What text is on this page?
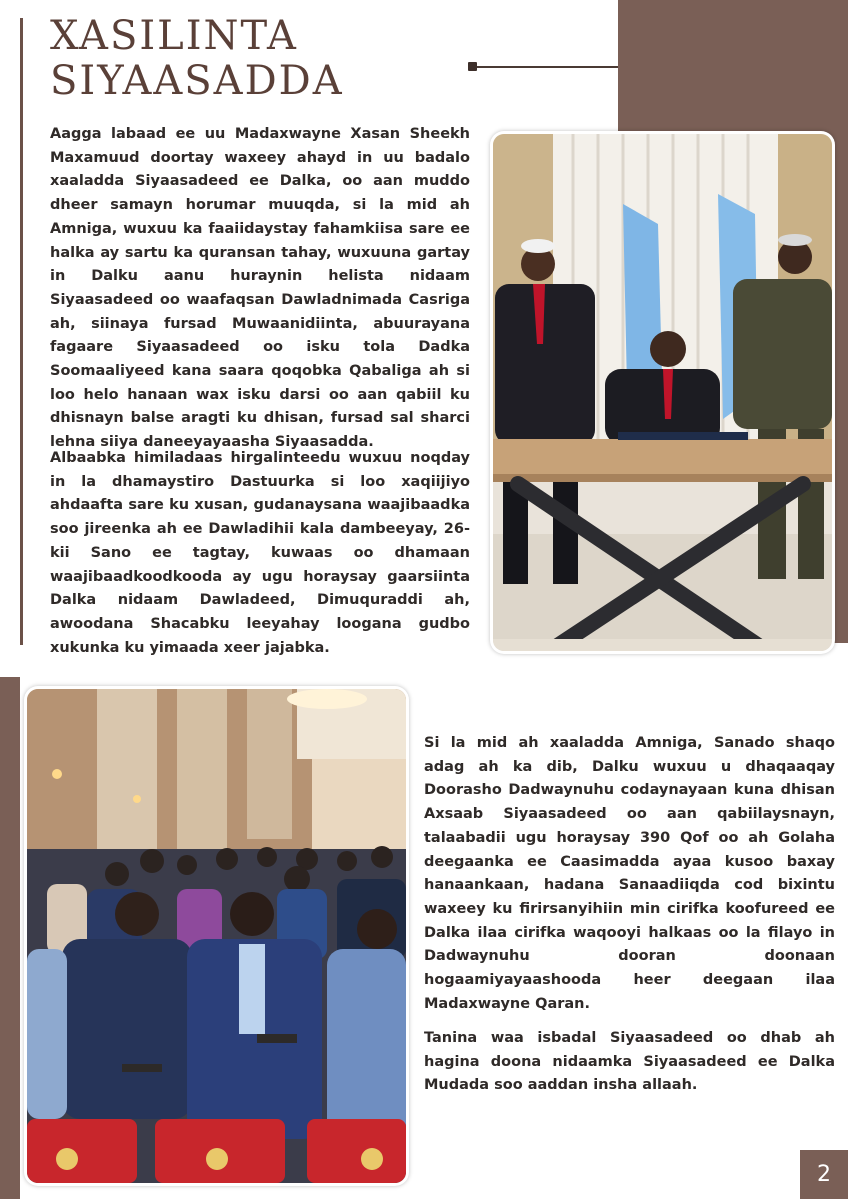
XASILINTA
SIYAASADDA

Aagga labaad ee uu Madaxwayne Xasan Sheekh Maxamuud doortay waxeey ahayd in uu badalo xaaladda Siyaasadeed ee Dalka, oo aan muddo dheer samayn horumar muuqda, si la mid ah Amniga, wuxuu ka faaiidaystay fahamkiisa sare ee halka ay sartu ka quransan tahay, wuxuuna gartay in Dalku aanu huraynin helista nidaam Siyaasadeed oo waafaqsan Dawladnimada Casriga ah, siinaya fursad Muwaanidiinta, abuurayana fagaare Siyaasadeed oo isku tola Dadka Soomaaliyeed kana saara qoqobka Qabaliga ah si loo helo hanaan wax isku darsi oo aan qabiil ku dhisnayn balse aragti ku dhisan, fursad sal sharci lehna siiya daneeyayaasha Siyaasadda.

Albaabka himiladaas hirgalinteedu wuxuu noqday in la dhamaystiro Dastuurka si loo xaqiijiyo ahdaafta sare ku xusan, gudanaysana waajibaadka soo jireenka ah ee Dawladihii kala dambeeyay, 26-kii Sano ee tagtay, kuwaas oo dhamaan waajibaadkoodkooda ay ugu horaysay gaarsiinta Dalka nidaam Dawladeed, Dimuquraddi ah, awoodana Shacabku leeyahay loogana gudbo xukunka ku yimaada xeer jajabka.

Si la mid ah xaaladda Amniga, Sanado shaqo adag ah ka dib, Dalku wuxuu u dhaqaaqay Doorasho Dadwaynuhu codaynayaan kuna dhisan Axsaab Siyaasadeed oo aan qabiilaysnayn, talaabadii ugu horaysay 390 Qof oo ah Golaha deegaanka ee Caasimadda ayaa kusoo baxay hanaankaan, hadana Sanaadiiqda cod bixintu waxeey ku firirsanyihiin min cirifka koofureed ee Dalka ilaa cirifka waqooyi halkaas oo la filayo in Dadwaynuhu dooran doonaan hogaamiyayaashooda heer deegaan ilaa Madaxwayne Qaran.

Tanina waa isbadal Siyaasadeed oo dhab ah hagina doona nidaamka Siyaasadeed ee Dalka Mudada soo aaddan insha allaah.

2
